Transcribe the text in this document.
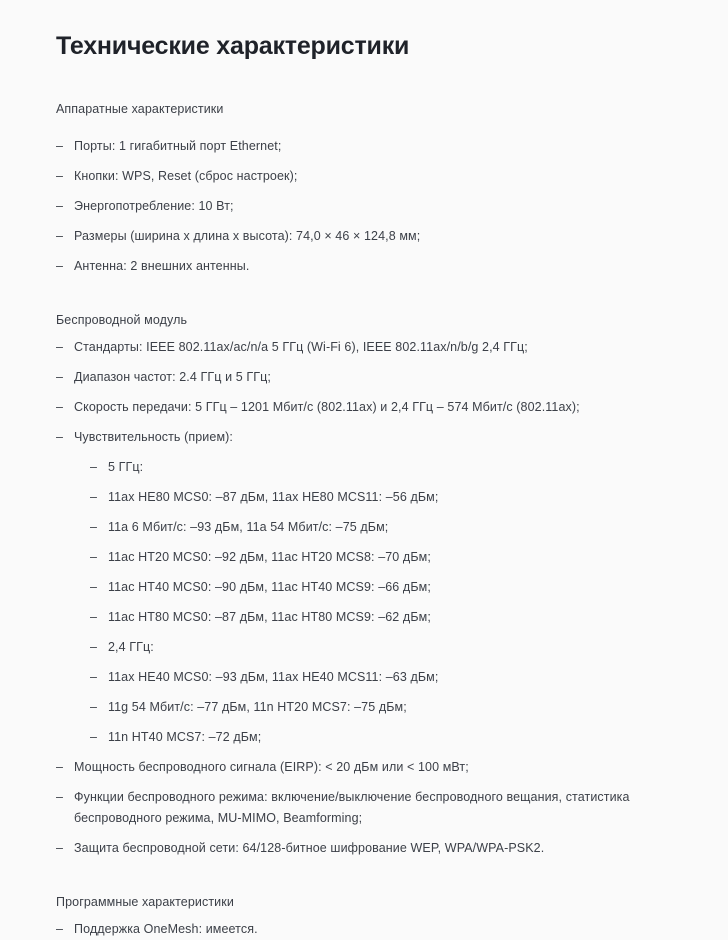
Технические характеристики
Аппаратные характеристики
– Порты: 1 гигабитный порт Ethernet;
– Кнопки: WPS, Reset (сброс настроек);
– Энергопотребление: 10 Вт;
– Размеры (ширина x длина x высота): 74,0 × 46 × 124,8 мм;
– Антенна: 2 внешних антенны.
Беспроводной модуль
– Стандарты: IEEE 802.11ax/ac/n/a 5 ГГц (Wi-Fi 6), IEEE 802.11ax/n/b/g 2,4 ГГц;
– Диапазон частот: 2.4 ГГц и 5 ГГц;
– Скорость передачи: 5 ГГц – 1201 Мбит/с (802.11ax) и 2,4 ГГц – 574 Мбит/с (802.11ax);
– Чувствительность (прием):
– 5 ГГц:
– 11ax HE80 MCS0: –87 дБм, 11ax HE80 MCS11: –56 дБм;
– 11a 6 Мбит/с: –93 дБм, 11a 54 Мбит/с: –75 дБм;
– 11ac HT20 MCS0: –92 дБм, 11ac HT20 MCS8: –70 дБм;
– 11ac HT40 MCS0: –90 дБм, 11ac HT40 MCS9: –66 дБм;
– 11ac HT80 MCS0: –87 дБм, 11ac HT80 MCS9: –62 дБм;
– 2,4 ГГц:
– 11ax HE40 MCS0: –93 дБм, 11ax HE40 MCS11: –63 дБм;
– 11g 54 Мбит/с: –77 дБм, 11n HT20 MCS7: –75 дБм;
– 11n HT40 MCS7: –72 дБм;
– Мощность беспроводного сигнала (EIRP): < 20 дБм или < 100 мВт;
– Функции беспроводного режима: включение/выключение беспроводного вещания, статистика беспроводного режима, MU-MIMO, Beamforming;
– Защита беспроводной сети: 64/128-битное шифрование WEP, WPA/WPA-PSK2.
Программные характеристики
– Поддержка OneMesh: имеется.
